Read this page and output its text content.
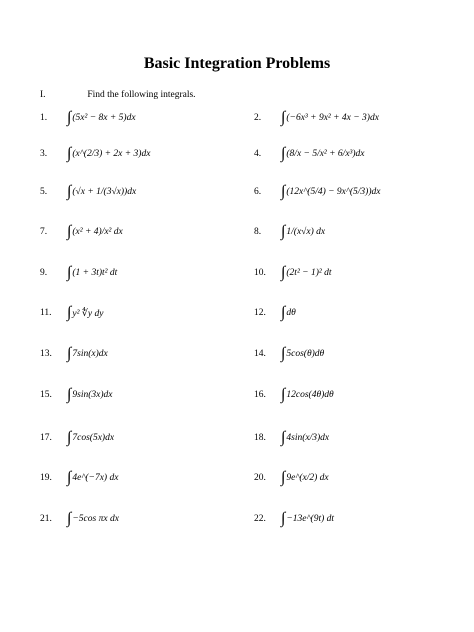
Basic Integration Problems
I.	Find the following integrals.
1.	∫ (5x² − 8x + 5)dx	2.	∫ (−6x³ + 9x² + 4x − 3)dx
3.	∫ (x^(2/3) + 2x + 3)dx	4.	∫ (8/x − 5/x² + 6/x³)dx
5.	∫ (√x + 1/(3√x))dx	6.	∫ (12x^(5/4) − 9x^(5/3))dx
7.	∫ (x² + 4)/x² dx	8.	∫ 1/(x√x) dx
9.	∫ (1 + 3t)t² dt	10. ∫ (2t² − 1)² dt
11. ∫ y² ∜y dy	12. ∫ dθ
13. ∫ 7sin(x)dx	14. ∫ 5cos(θ)dθ
15. ∫ 9sin(3x)dx	16. ∫ 12cos(4θ)dθ
17. ∫ 7cos(5x)dx	18. ∫ 4sin(x/3)dx
19. ∫ 4e^(−7x) dx	20. ∫ 9e^(x/2) dx
21. ∫ −5cos πx dx	22. ∫ −13e^(9t) dt
